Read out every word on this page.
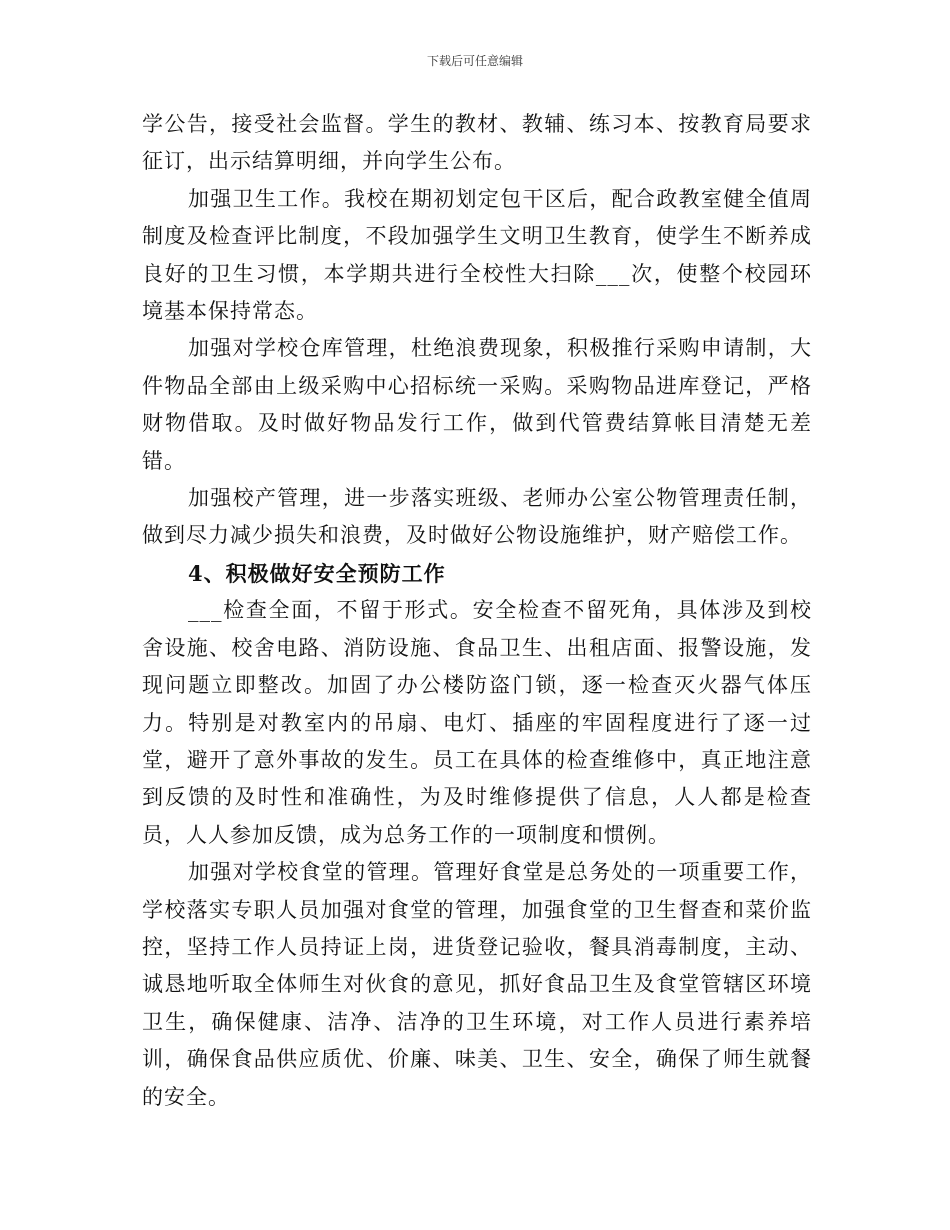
下载后可任意编辑

学公告，接受社会监督。学生的教材、教辅、练习本、按教育局要求征订，出示结算明细，并向学生公布。

加强卫生工作。我校在期初划定包干区后，配合政教室健全值周制度及检查评比制度，不段加强学生文明卫生教育，使学生不断养成良好的卫生习惯，本学期共进行全校性大扫除___次，使整个校园环境基本保持常态。

加强对学校仓库管理，杜绝浪费现象，积极推行采购申请制，大件物品全部由上级采购中心招标统一采购。采购物品进库登记，严格财物借取。及时做好物品发行工作，做到代管费结算帐目清楚无差错。

加强校产管理，进一步落实班级、老师办公室公物管理责任制，做到尽力减少损失和浪费，及时做好公物设施维护，财产赔偿工作。

4、积极做好安全预防工作

___检查全面，不留于形式。安全检查不留死角，具体涉及到校舍设施、校舍电路、消防设施、食品卫生、出租店面、报警设施，发现问题立即整改。加固了办公楼防盗门锁，逐一检查灭火器气体压力。特别是对教室内的吊扇、电灯、插座的牢固程度进行了逐一过堂，避开了意外事故的发生。员工在具体的检查维修中，真正地注意到反馈的及时性和准确性，为及时维修提供了信息，人人都是检查员，人人参加反馈，成为总务工作的一项制度和惯例。

加强对学校食堂的管理。管理好食堂是总务处的一项重要工作，学校落实专职人员加强对食堂的管理，加强食堂的卫生督查和菜价监控，坚持工作人员持证上岗，进货登记验收，餐具消毒制度，主动、诚恳地听取全体师生对伙食的意见，抓好食品卫生及食堂管辖区环境卫生，确保健康、洁净、洁净的卫生环境，对工作人员进行素养培训，确保食品供应质优、价廉、味美、卫生、安全，确保了师生就餐的安全。
